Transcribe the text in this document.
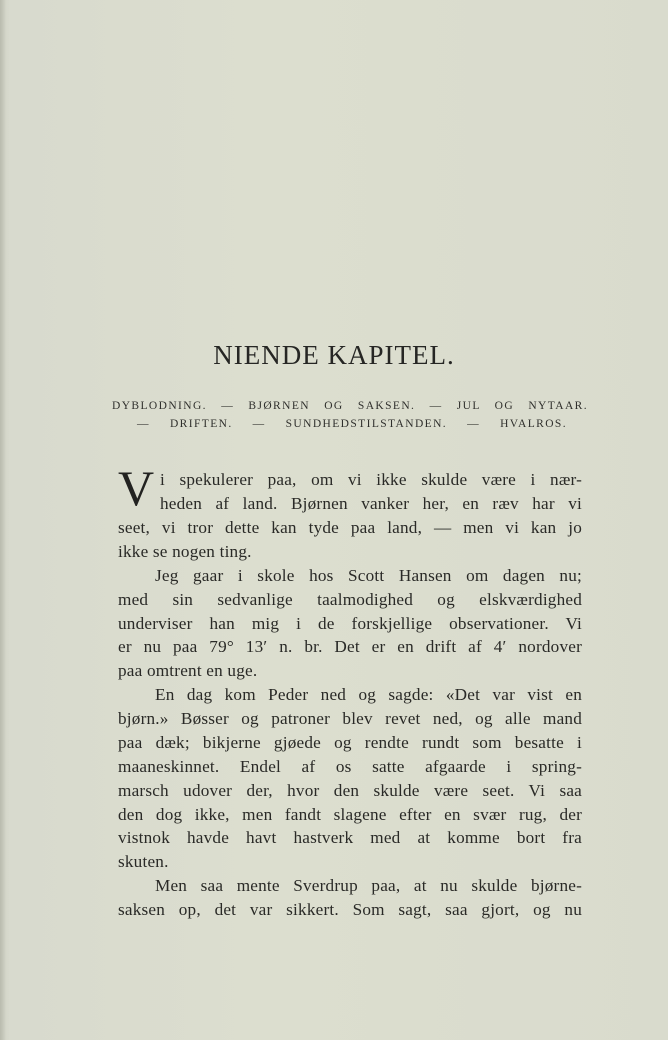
NIENDE KAPITEL.
DYBLODNING. — BJØRNEN OG SAKSEN. — JUL OG NYTAAR.
— DRIFTEN. — SUNDHEDSTILSTANDEN. — HVALROS.
V i spekulerer paa, om vi ikke skulde være i nær-
heden af land. Bjørnen vanker her, en ræv har vi
seet, vi tror dette kan tyde paa land, — men vi kan jo
ikke se nogen ting.
Jeg gaar i skole hos Scott Hansen om dagen nu;
med sin sedvanlige taalmodighed og elskværdighed
underviser han mig i de forskjellige observationer. Vi
er nu paa 79° 13′ n. br. Det er en drift af 4′ nordover
paa omtrent en uge.
En dag kom Peder ned og sagde: «Det var vist en
bjørn.» Bøsser og patroner blev revet ned, og alle mand
paa dæk; bikjerne gjøede og rendte rundt som besatte i
maaneskinnet. Endel af os satte afgaarde i spring-
marsch udover der, hvor den skulde være seet. Vi saa
den dog ikke, men fandt slagene efter en svær rug, der
vistnok havde havt hastverk med at komme bort fra
skuten.
Men saa mente Sverdrup paa, at nu skulde bjørne-
saksen op, det var sikkert. Som sagt, saa gjort, og nu
